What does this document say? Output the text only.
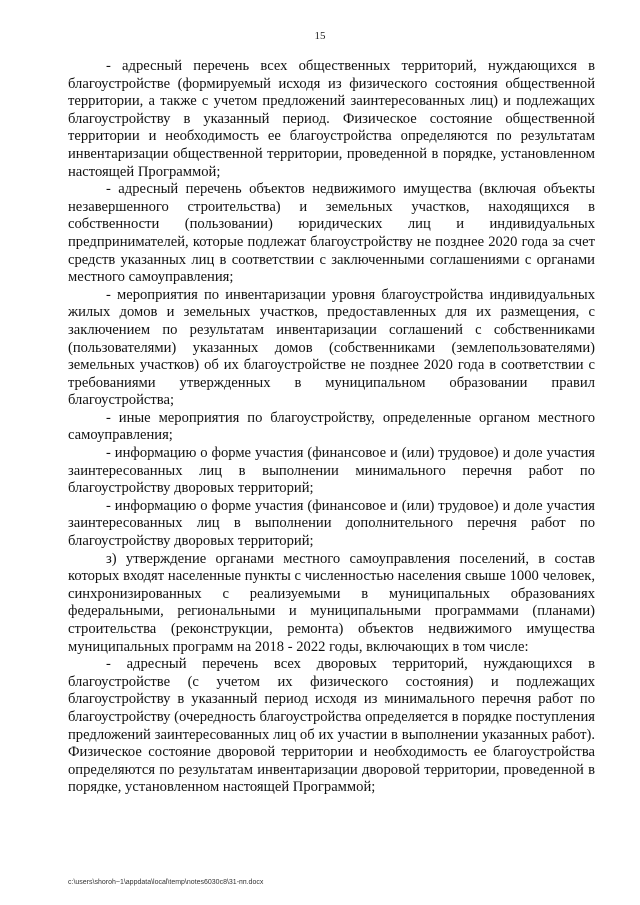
15

- адресный перечень всех общественных территорий, нуждающихся в благоустройстве (формируемый исходя из физического состояния общественной территории, а также с учетом предложений заинтересованных лиц) и подлежащих благоустройству в указанный период. Физическое состояние общественной территории и необходимость ее благоустройства определяются по результатам инвентаризации общественной территории, проведенной в порядке, установленном настоящей Программой;

- адресный перечень объектов недвижимого имущества (включая объекты незавершенного строительства) и земельных участков, находящихся в собственности (пользовании) юридических лиц и индивидуальных предпринимателей, которые подлежат благоустройству не позднее 2020 года за счет средств указанных лиц в соответствии с заключенными соглашениями с органами местного самоуправления;

- мероприятия по инвентаризации уровня благоустройства индивидуальных жилых домов и земельных участков, предоставленных для их размещения, с заключением по результатам инвентаризации соглашений с собственниками (пользователями) указанных домов (собственниками (землепользователями) земельных участков) об их благоустройстве не позднее 2020 года в соответствии с требованиями утвержденных в муниципальном образовании правил благоустройства;

- иные мероприятия по благоустройству, определенные органом местного самоуправления;

- информацию о форме участия (финансовое и (или) трудовое) и доле участия заинтересованных лиц в выполнении минимального перечня работ по благоустройству дворовых территорий;

- информацию о форме участия (финансовое и (или) трудовое) и доле участия заинтересованных лиц в выполнении дополнительного перечня работ по благоустройству дворовых территорий;

з) утверждение органами местного самоуправления поселений, в состав которых входят населенные пункты с численностью населения свыше 1000 человек, синхронизированных с реализуемыми в муниципальных образованиях федеральными, региональными и муниципальными программами (планами) строительства (реконструкции, ремонта) объектов недвижимого имущества муниципальных программ на 2018 - 2022 годы, включающих в том числе:

- адресный перечень всех дворовых территорий, нуждающихся в благоустройстве (с учетом их физического состояния) и подлежащих благоустройству в указанный период исходя из минимального перечня работ по благоустройству (очередность благоустройства определяется в порядке поступления предложений заинтересованных лиц об их участии в выполнении указанных работ). Физическое состояние дворовой территории и необходимость ее благоустройства определяются по результатам инвентаризации дворовой территории, проведенной в порядке, установленном настоящей Программой;

c:\users\shoroh~1\appdata\local\temp\notes6030c8\31-пп.docx
